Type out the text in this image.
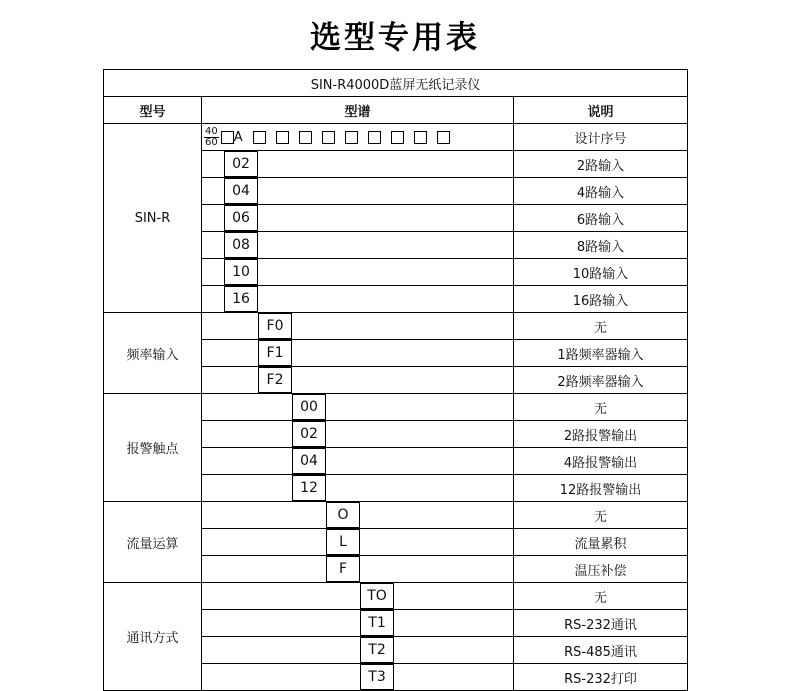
选型专用表
SIN-R4000D蓝屏无纸记录仪		
型号	型谱	说明
SIN-R	$\frac{40}{60}$ A	设计序号

	02	2路输入

	04	4路输入

	06	6路输入

	08	8路输入

	10	10路输入

	16	16路输入
频率输入	F0	无

	F1	1路频率器输入

	F2	2路频率器输入
报警触点	00	无

	02	2路报警输出

	04	4路报警输出

	12	12路报警输出
流量运算	O	无

	L	流量累积

	F	温压补偿
通讯方式	TO	无

	T1	RS-232通讯

	T2	RS-485通讯

	T3	RS-232打印
